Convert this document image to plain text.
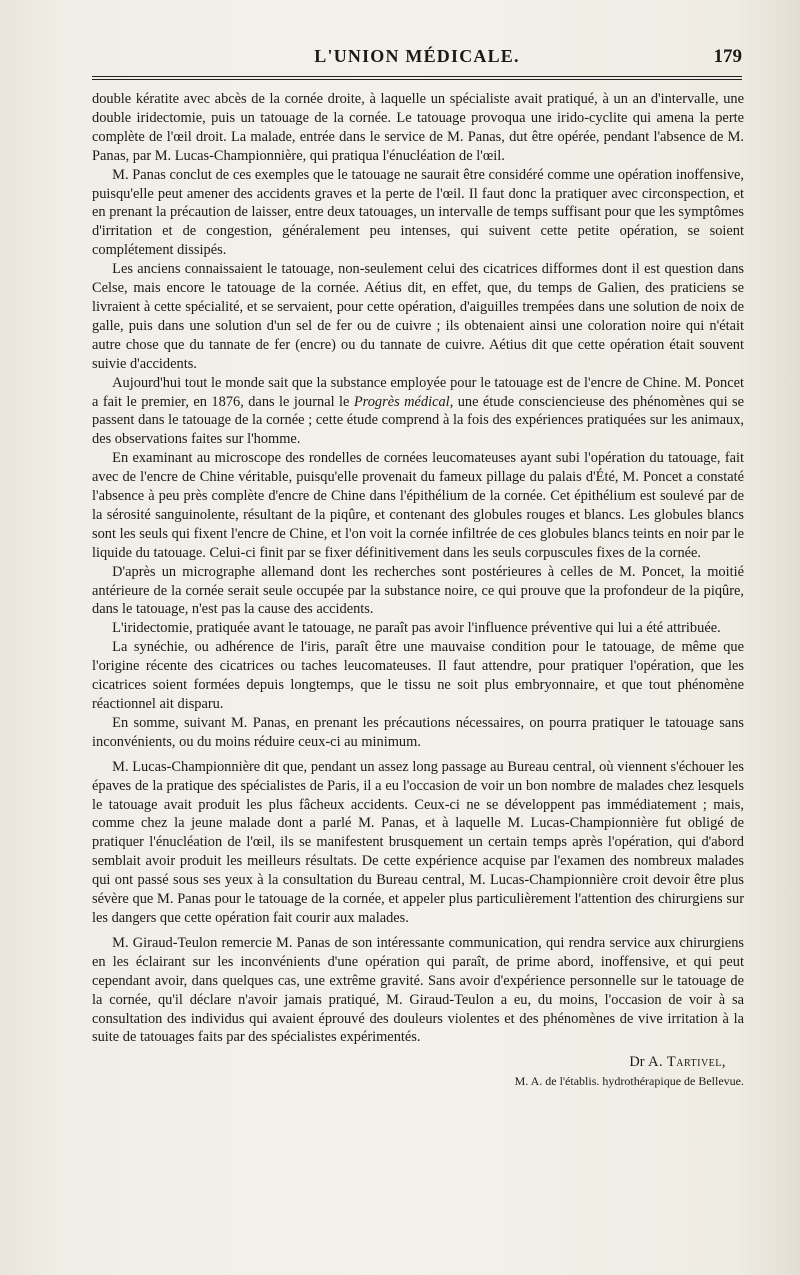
L'UNION MÉDICALE.	179

double kératite avec abcès de la cornée droite, à laquelle un spécialiste avait pratiqué, à un an d'intervalle, une double iridectomie, puis un tatouage de la cornée. Le tatouage provoqua une irido-cyclite qui amena la perte complète de l'œil droit. La malade, entrée dans le service de M. Panas, dut être opérée, pendant l'absence de M. Panas, par M. Lucas-Championnière, qui pratiqua l'énucléation de l'œil.

M. Panas conclut de ces exemples que le tatouage ne saurait être considéré comme une opération inoffensive, puisqu'elle peut amener des accidents graves et la perte de l'œil. Il faut donc la pratiquer avec circonspection, et en prenant la précaution de laisser, entre deux tatouages, un intervalle de temps suffisant pour que les symptômes d'irritation et de congestion, généralement peu intenses, qui suivent cette petite opération, se soient complétement dissipés.

Les anciens connaissaient le tatouage, non-seulement celui des cicatrices difformes dont il est question dans Celse, mais encore le tatouage de la cornée. Aétius dit, en effet, que, du temps de Galien, des praticiens se livraient à cette spécialité, et se servaient, pour cette opération, d'aiguilles trempées dans une solution de noix de galle, puis dans une solution d'un sel de fer ou de cuivre ; ils obtenaient ainsi une coloration noire qui n'était autre chose que du tannate de fer (encre) ou du tannate de cuivre. Aétius dit que cette opération était souvent suivie d'accidents.

Aujourd'hui tout le monde sait que la substance employée pour le tatouage est de l'encre de Chine. M. Poncet a fait le premier, en 1876, dans le journal le Progrès médical, une étude consciencieuse des phénomènes qui se passent dans le tatouage de la cornée ; cette étude comprend à la fois des expériences pratiquées sur les animaux, des observations faites sur l'homme.

En examinant au microscope des rondelles de cornées leucomateuses ayant subi l'opération du tatouage, fait avec de l'encre de Chine véritable, puisqu'elle provenait du fameux pillage du palais d'Été, M. Poncet a constaté l'absence à peu près complète d'encre de Chine dans l'épithélium de la cornée. Cet épithélium est soulevé par de la sérosité sanguinolente, résultant de la piqûre, et contenant des globules rouges et blancs. Les globules blancs sont les seuls qui fixent l'encre de Chine, et l'on voit la cornée infiltrée de ces globules blancs teints en noir par le liquide du tatouage. Celui-ci finit par se fixer définitivement dans les seuls corpuscules fixes de la cornée.

D'après un micrographe allemand dont les recherches sont postérieures à celles de M. Poncet, la moitié antérieure de la cornée serait seule occupée par la substance noire, ce qui prouve que la profondeur de la piqûre, dans le tatouage, n'est pas la cause des accidents.

L'iridectomie, pratiquée avant le tatouage, ne paraît pas avoir l'influence préventive qui lui a été attribuée.

La synéchie, ou adhérence de l'iris, paraît être une mauvaise condition pour le tatouage, de même que l'origine récente des cicatrices ou taches leucomateuses. Il faut attendre, pour pratiquer l'opération, que les cicatrices soient formées depuis longtemps, que le tissu ne soit plus embryonnaire, et que tout phénomène réactionnel ait disparu.

En somme, suivant M. Panas, en prenant les précautions nécessaires, on pourra pratiquer le tatouage sans inconvénients, ou du moins réduire ceux-ci au minimum.

M. Lucas-Championnière dit que, pendant un assez long passage au Bureau central, où viennent s'échouer les épaves de la pratique des spécialistes de Paris, il a eu l'occasion de voir un bon nombre de malades chez lesquels le tatouage avait produit les plus fâcheux accidents. Ceux-ci ne se développent pas immédiatement ; mais, comme chez la jeune malade dont a parlé M. Panas, et à laquelle M. Lucas-Championnière fut obligé de pratiquer l'énucléation de l'œil, ils se manifestent brusquement un certain temps après l'opération, qui d'abord semblait avoir produit les meilleurs résultats. De cette expérience acquise par l'examen des nombreux malades qui ont passé sous ses yeux à la consultation du Bureau central, M. Lucas-Championnière croit devoir être plus sévère que M. Panas pour le tatouage de la cornée, et appeler plus particulièrement l'attention des chirurgiens sur les dangers que cette opération fait courir aux malades.

M. Giraud-Teulon remercie M. Panas de son intéressante communication, qui rendra service aux chirurgiens en les éclairant sur les inconvénients d'une opération qui paraît, de prime abord, inoffensive, et qui peut cependant avoir, dans quelques cas, une extrême gravité. Sans avoir d'expérience personnelle sur le tatouage de la cornée, qu'il déclare n'avoir jamais pratiqué, M. Giraud-Teulon a eu, du moins, l'occasion de voir à sa consultation des individus qui avaient éprouvé des douleurs violentes et des phénomènes de vive irritation à la suite de tatouages faits par des spécialistes expérimentés.

Dr A. Tartivel,
M. A. de l'établis. hydrothérapique de Bellevue.
